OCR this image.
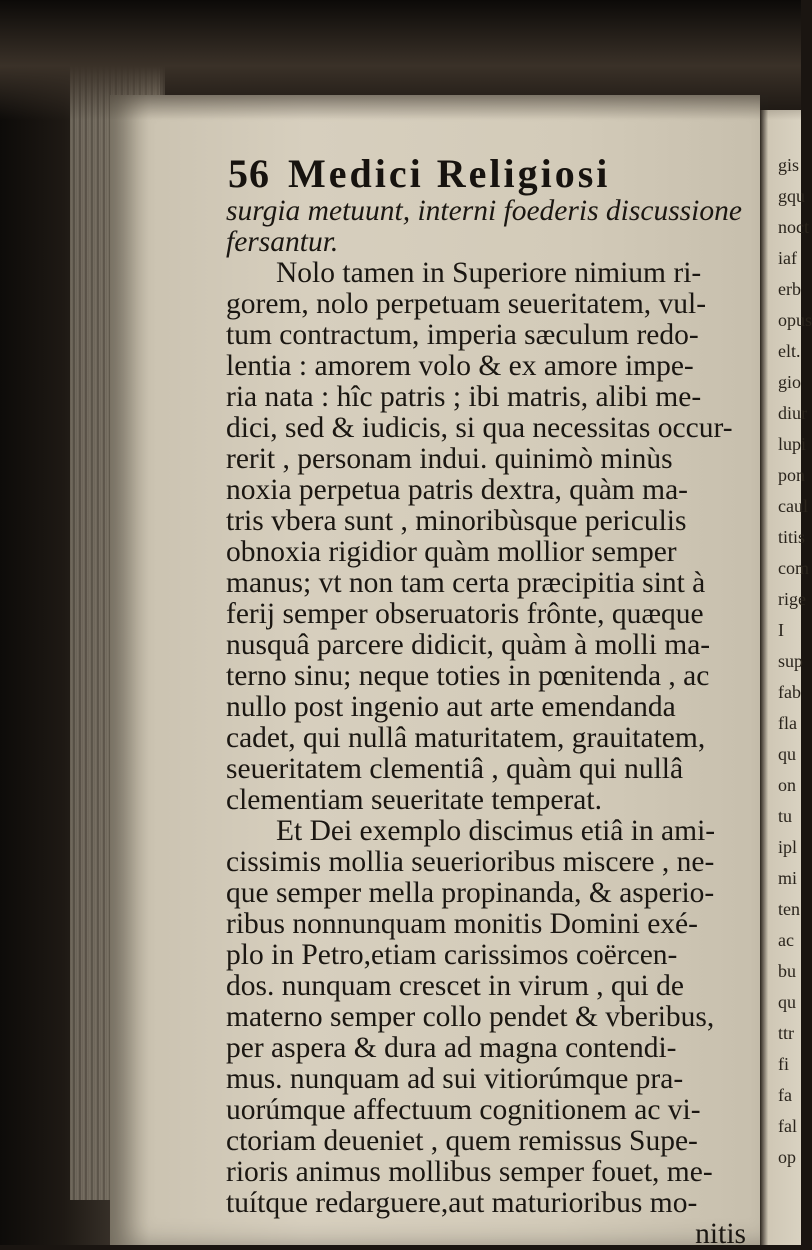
56 Medici Religiosi
surgia metuunt, interni foederis discussione
fersantur.
Nolo tamen in Superiore nimium ri-
gorem, nolo perpetuam seueritatem, vul-
tum contractum, imperia sæculum redo-
lentia : amorem volo & ex amore impe-
ria nata : hîc patris ; ibi matris, alibi me-
dici, sed & iudicis, si qua necessitas occur-
rerit , personam indui. quinimò minùs
noxia perpetua patris dextra, quàm ma-
tris vbera sunt , minoribùsque periculis
obnoxia rigidior quàm mollior semper
manus; vt non tam certa præcipitia sint à
ferij semper obseruatoris frônte, quæque
nusquâ parcere didicit, quàm à molli ma-
terno sinu; neque toties in pœnitenda , ac
nullo post ingenio aut arte emendanda
cadet, qui nullâ maturitatem, grauitatem,
seueritatem clementiâ , quàm qui nullâ
clementiam seueritate temperat.
Et Dei exemplo discimus etiâ in ami-
cissimis mollia seuerioribus miscere , ne-
que semper mella propinanda, & asperio-
ribus nonnunquam monitis Domini exé-
plo in Petro,etiam carissimos coërcen-
dos. nunquam crescet in virum , qui de
materno semper collo pendet & vberibus,
per aspera & dura ad magna contendi-
mus. nunquam ad sui vitiorúmque pra-
uorúmque affectuum cognitionem ac vi-
ctoriam deueniet , quem remissus Supe-
rioris animus mollibus semper fouet, me-
tuítque redarguere,aut maturioribus mo-
nitis
gis
gqu
noct
iaf
erb
opus
elt.
gio
diur
lupi
pon
caul
titis
com
rige
I
sup
fab
fla
qu
on
tu
ipl
mi
ten
ac
bu
qu
ttr
fi
fa
fal
op
